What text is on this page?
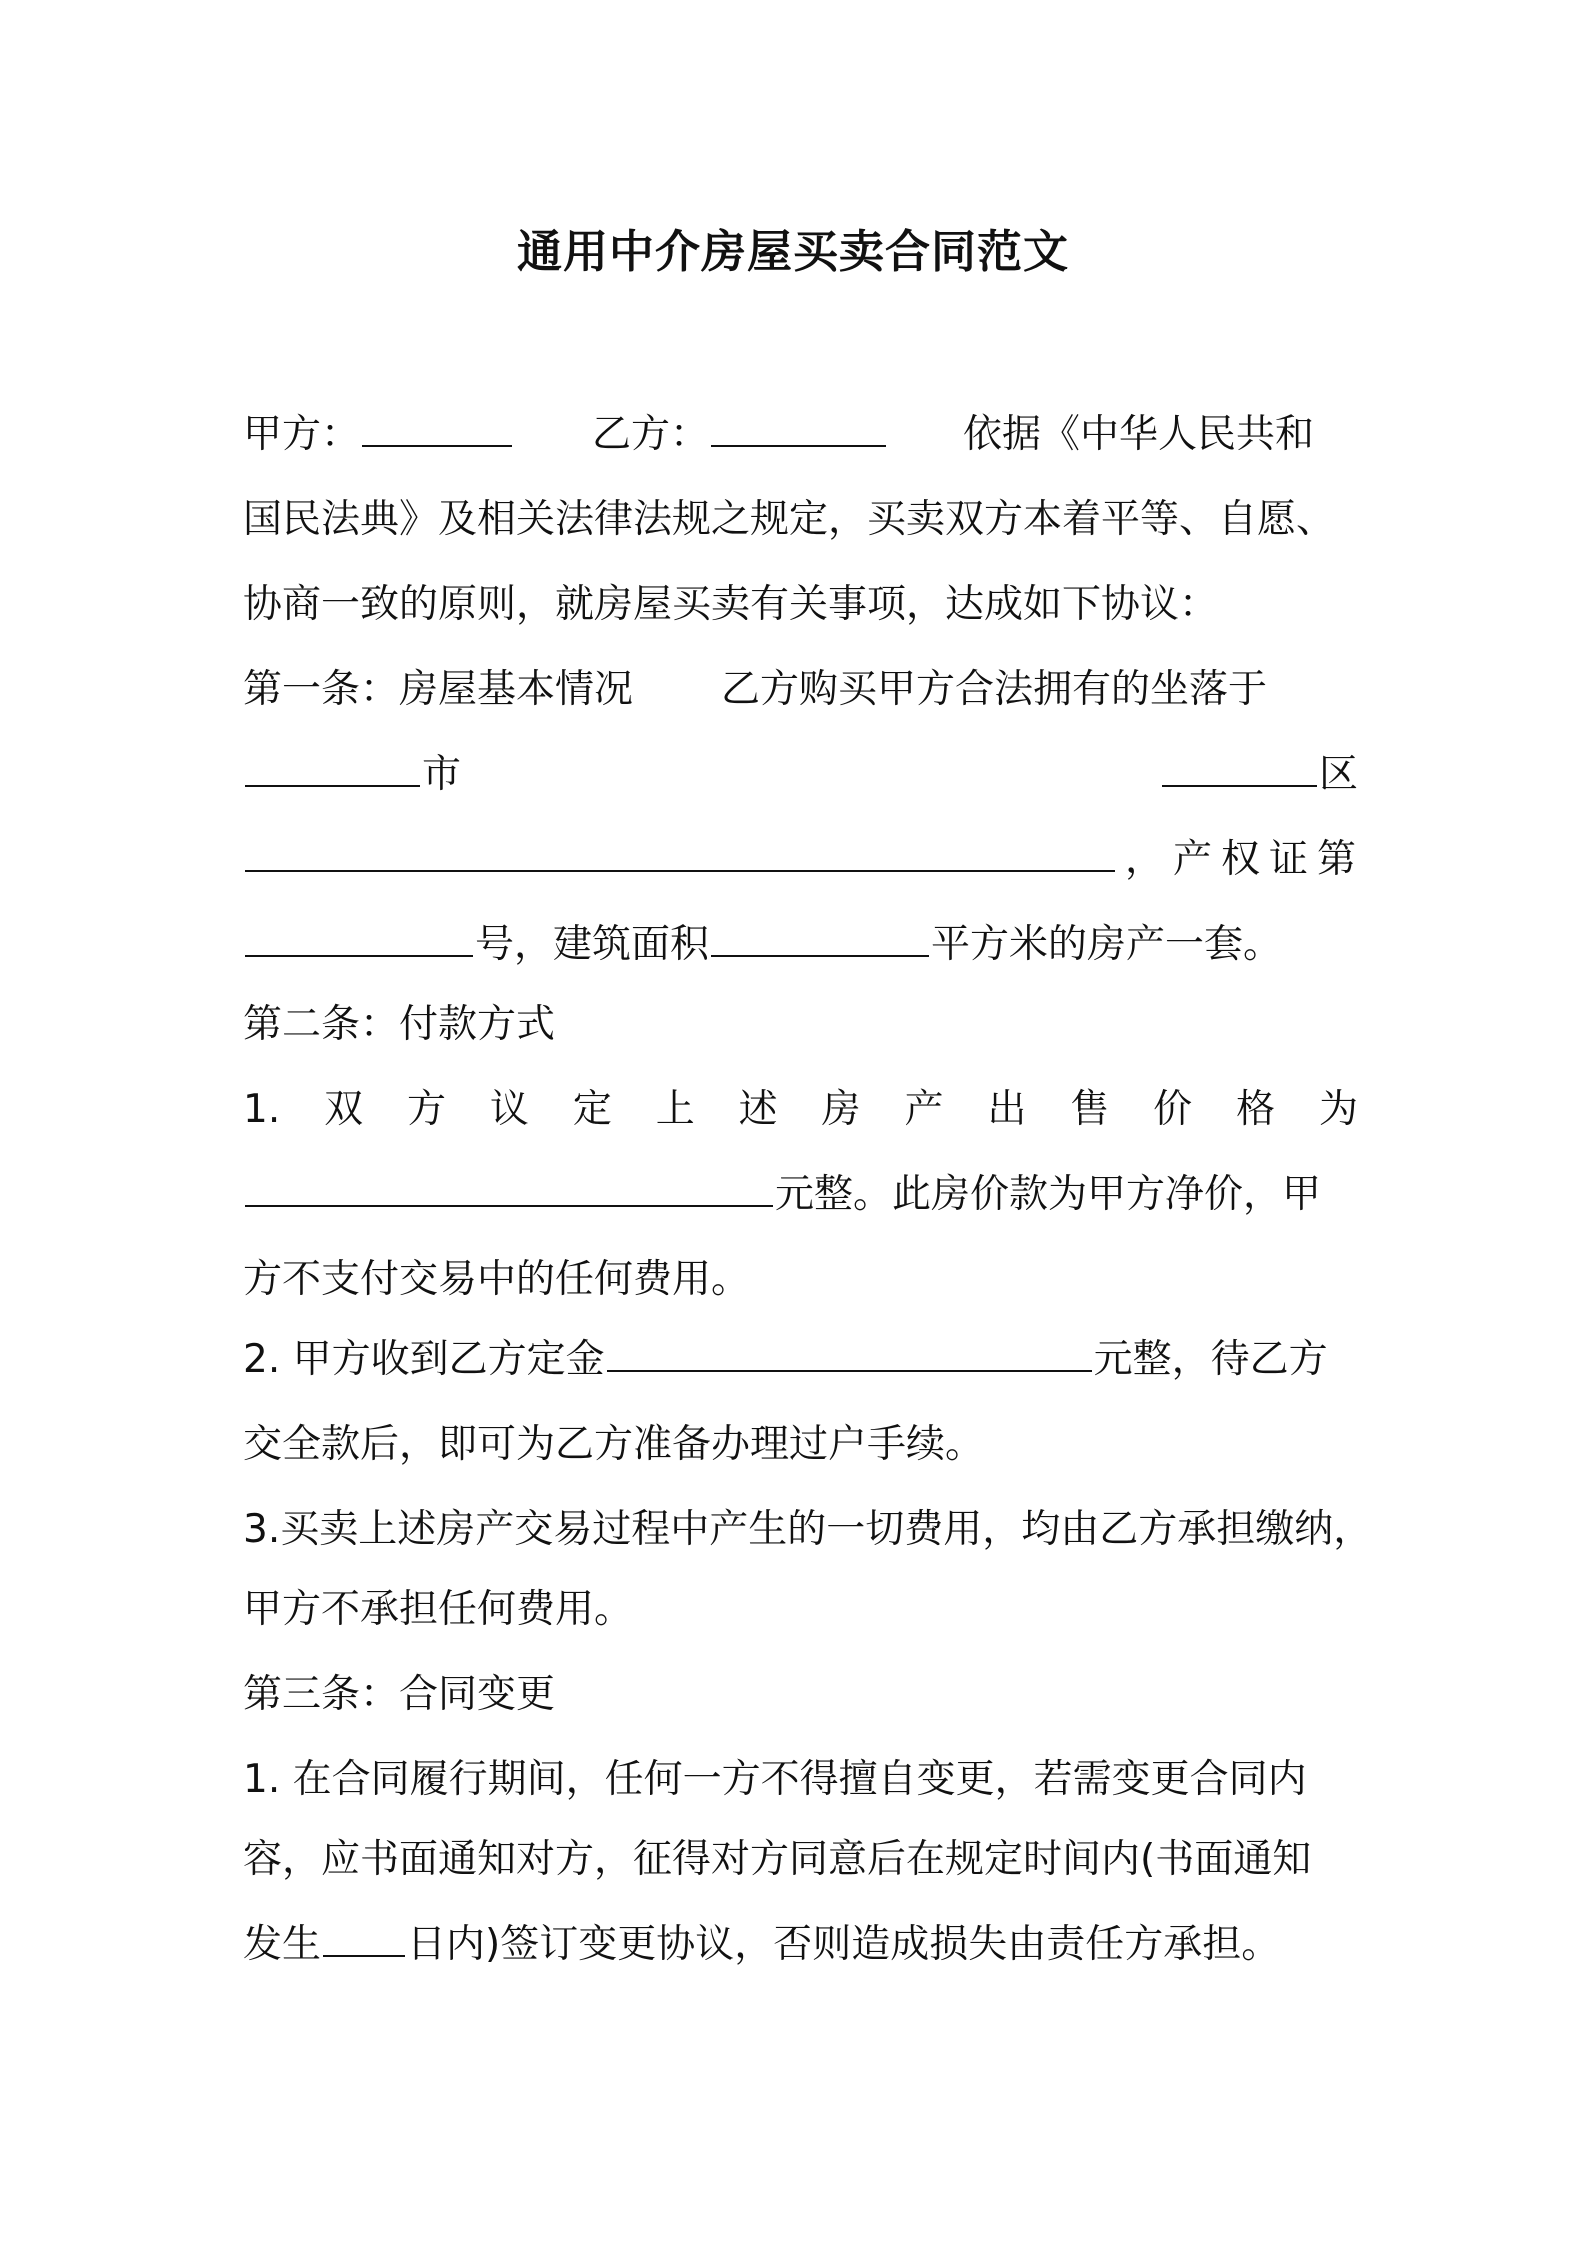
通用中介房屋买卖合同范文
甲方：	乙方：	依据《中华人民共和
国民法典》及相关法律法规之规定，买卖双方本着平等、自愿、
协商一致的原则，就房屋买卖有关事项，达成如下协议：
第一条：房屋基本情况 乙方购买甲方合法拥有的坐落于
市	区
，产权证第
号，建筑面积	平方米的房产一套。
第二条：付款方式
1. 双 方 议 定 上 述 房 产 出 售 价 格 为
元整。此房价款为甲方净价，甲
方不支付交易中的任何费用。
2. 甲方收到乙方定金	元整，待乙方
交全款后，即可为乙方准备办理过户手续。
3.买卖上述房产交易过程中产生的一切费用，均由乙方承担缴纳，
甲方不承担任何费用。
第三条：合同变更
1. 在合同履行期间，任何一方不得擅自变更，若需变更合同内
容，应书面通知对方，征得对方同意后在规定时间内(书面通知
发生 日内)签订变更协议，否则造成损失由责任方承担。
